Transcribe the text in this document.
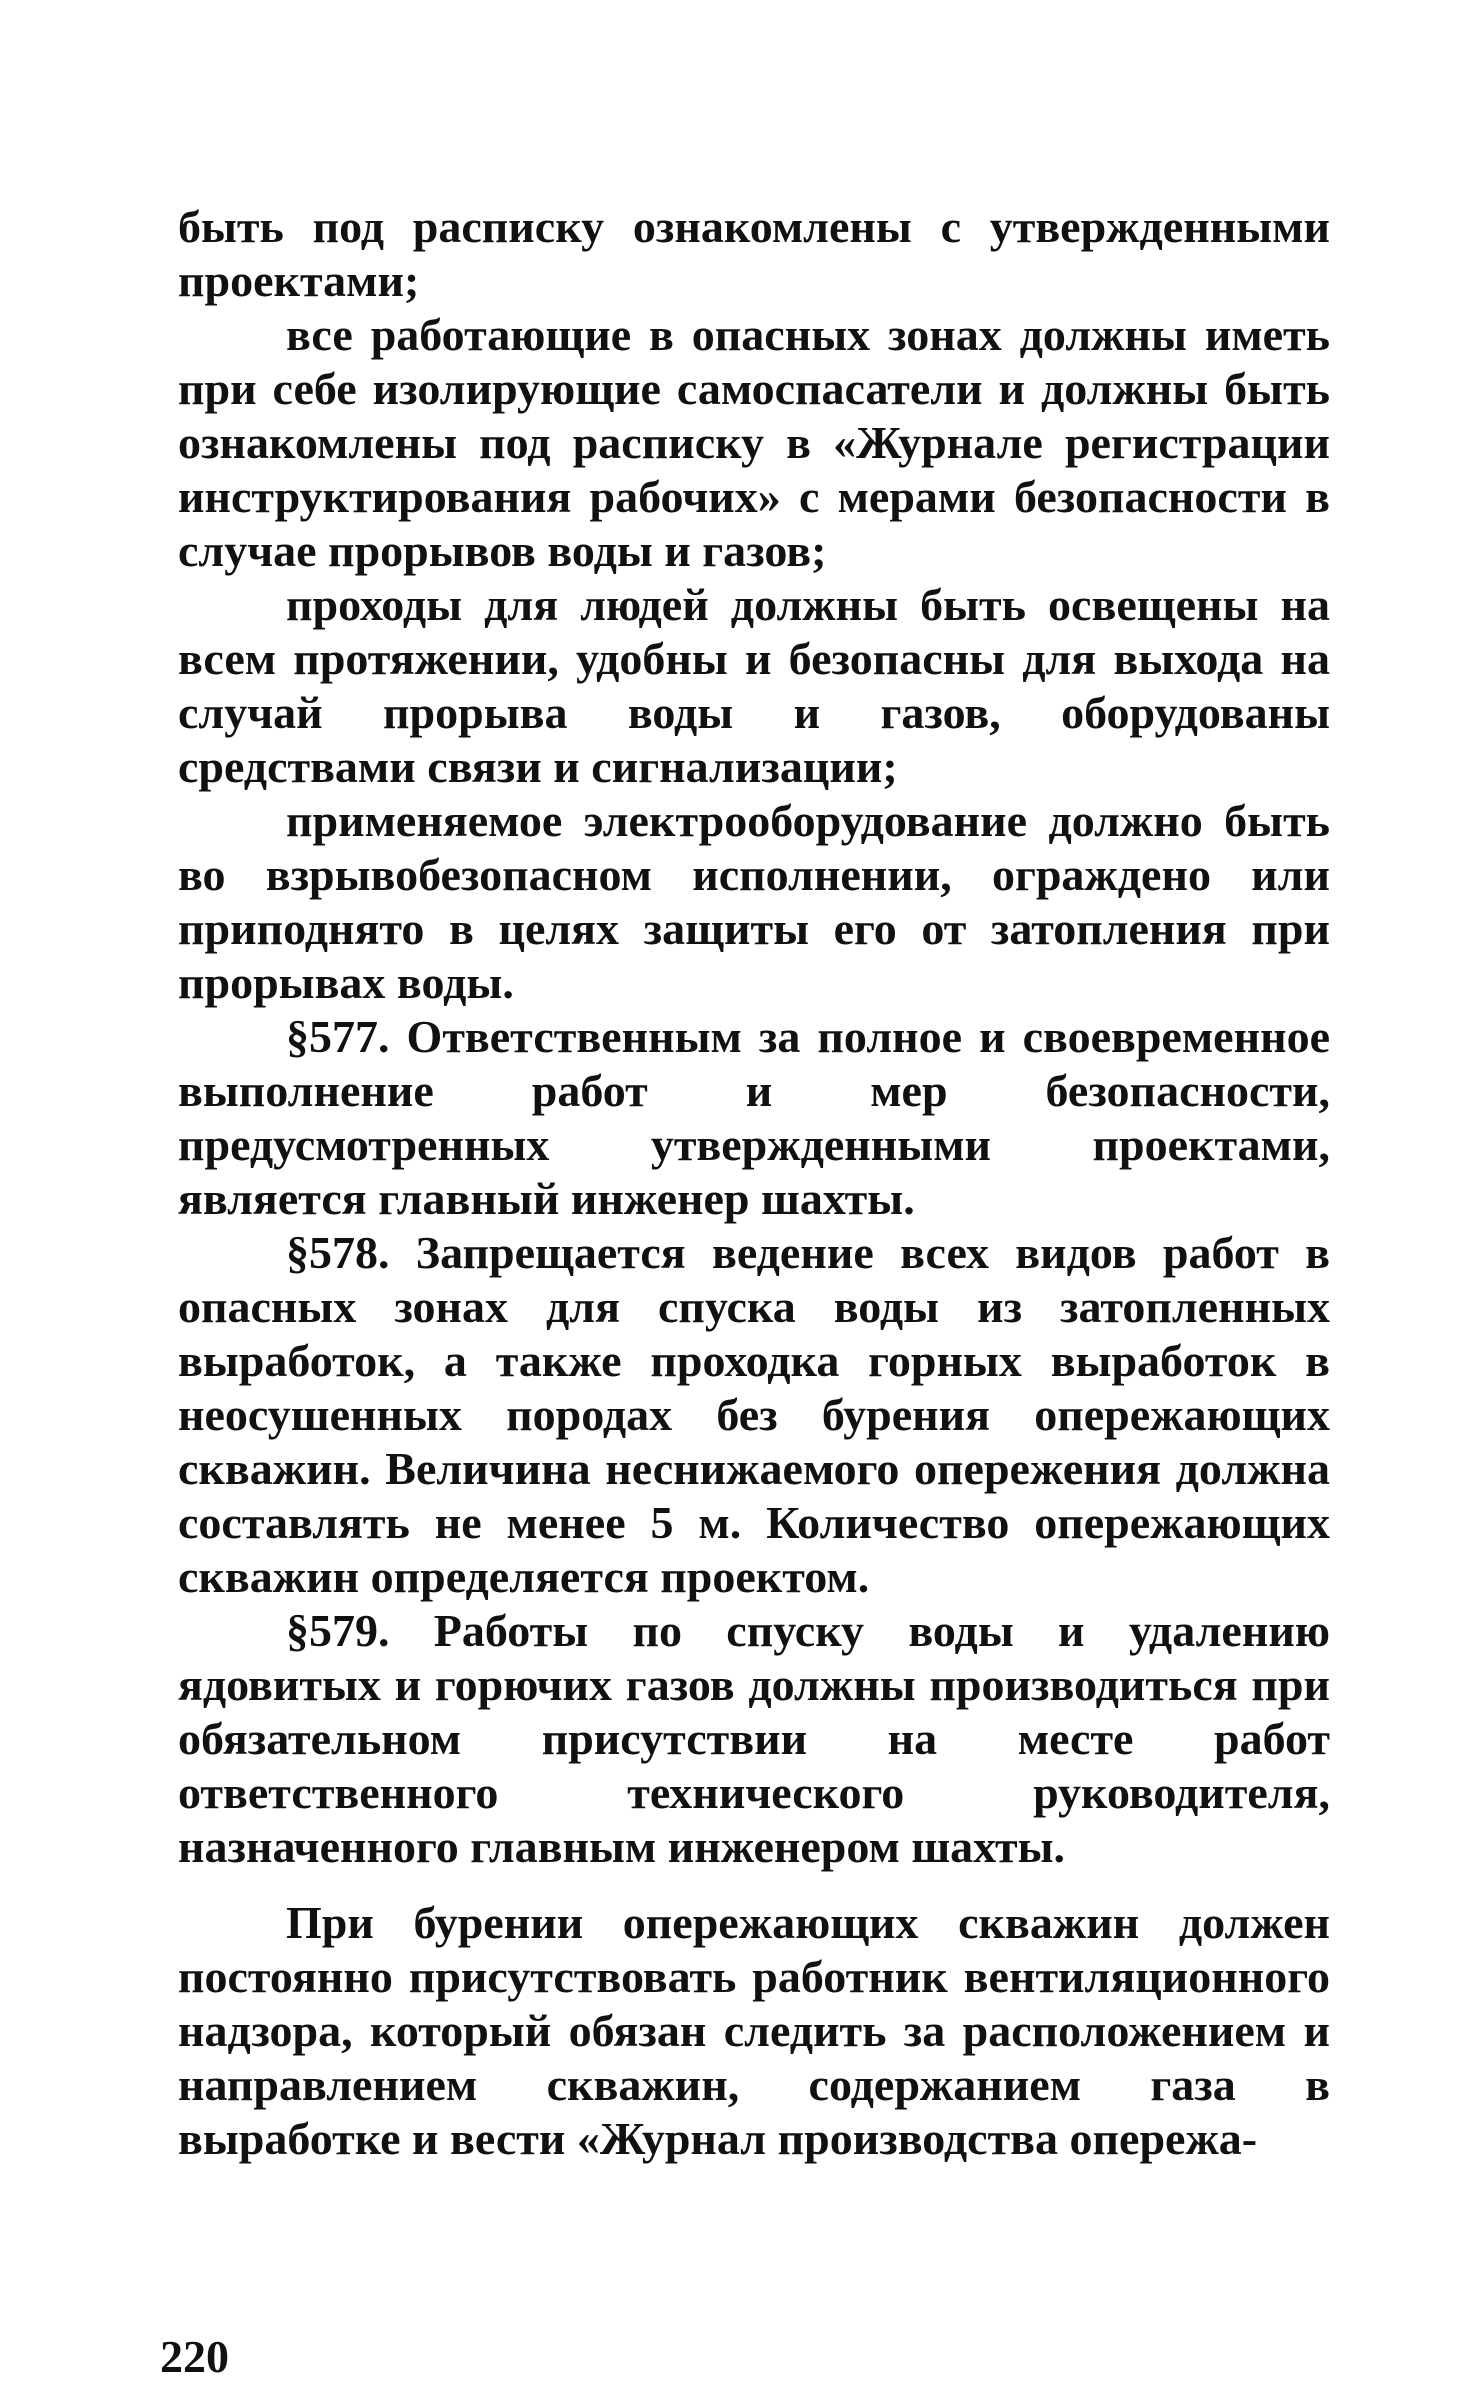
быть под расписку ознакомлены с утвержденными проектами;

все работающие в опасных зонах должны иметь при себе изолирующие самоспасатели и должны быть ознакомлены под расписку в «Журнале регистрации инструктирования рабочих» с мерами безопасности в случае прорывов воды и газов;

проходы для людей должны быть освещены на всем протяжении, удобны и безопасны для выхода на случай прорыва воды и газов, оборудованы средствами связи и сигнализации;

применяемое электрооборудование должно быть во взрывобезопасном исполнении, ограждено или приподнято в целях защиты его от затопления при прорывах воды.

§577. Ответственным за полное и своевременное выполнение работ и мер безопасности, предусмотренных утвержденными проектами, является главный инженер шахты.

§578. Запрещается ведение всех видов работ в опасных зонах для спуска воды из затопленных выработок, а также проходка горных выработок в неосушенных породах без бурения опережающих скважин. Величина неснижаемого опережения должна составлять не менее 5 м. Количество опережающих скважин определяется проектом.

§579. Работы по спуску воды и удалению ядовитых и горючих газов должны производиться при обязательном присутствии на месте работ ответственного технического руководителя, назначенного главным инженером шахты.

При бурении опережающих скважин должен постоянно присутствовать работник вентиляционного надзора, который обязан следить за расположением и направлением скважин, содержанием газа в выработке и вести «Журнал производства опережа-

220
